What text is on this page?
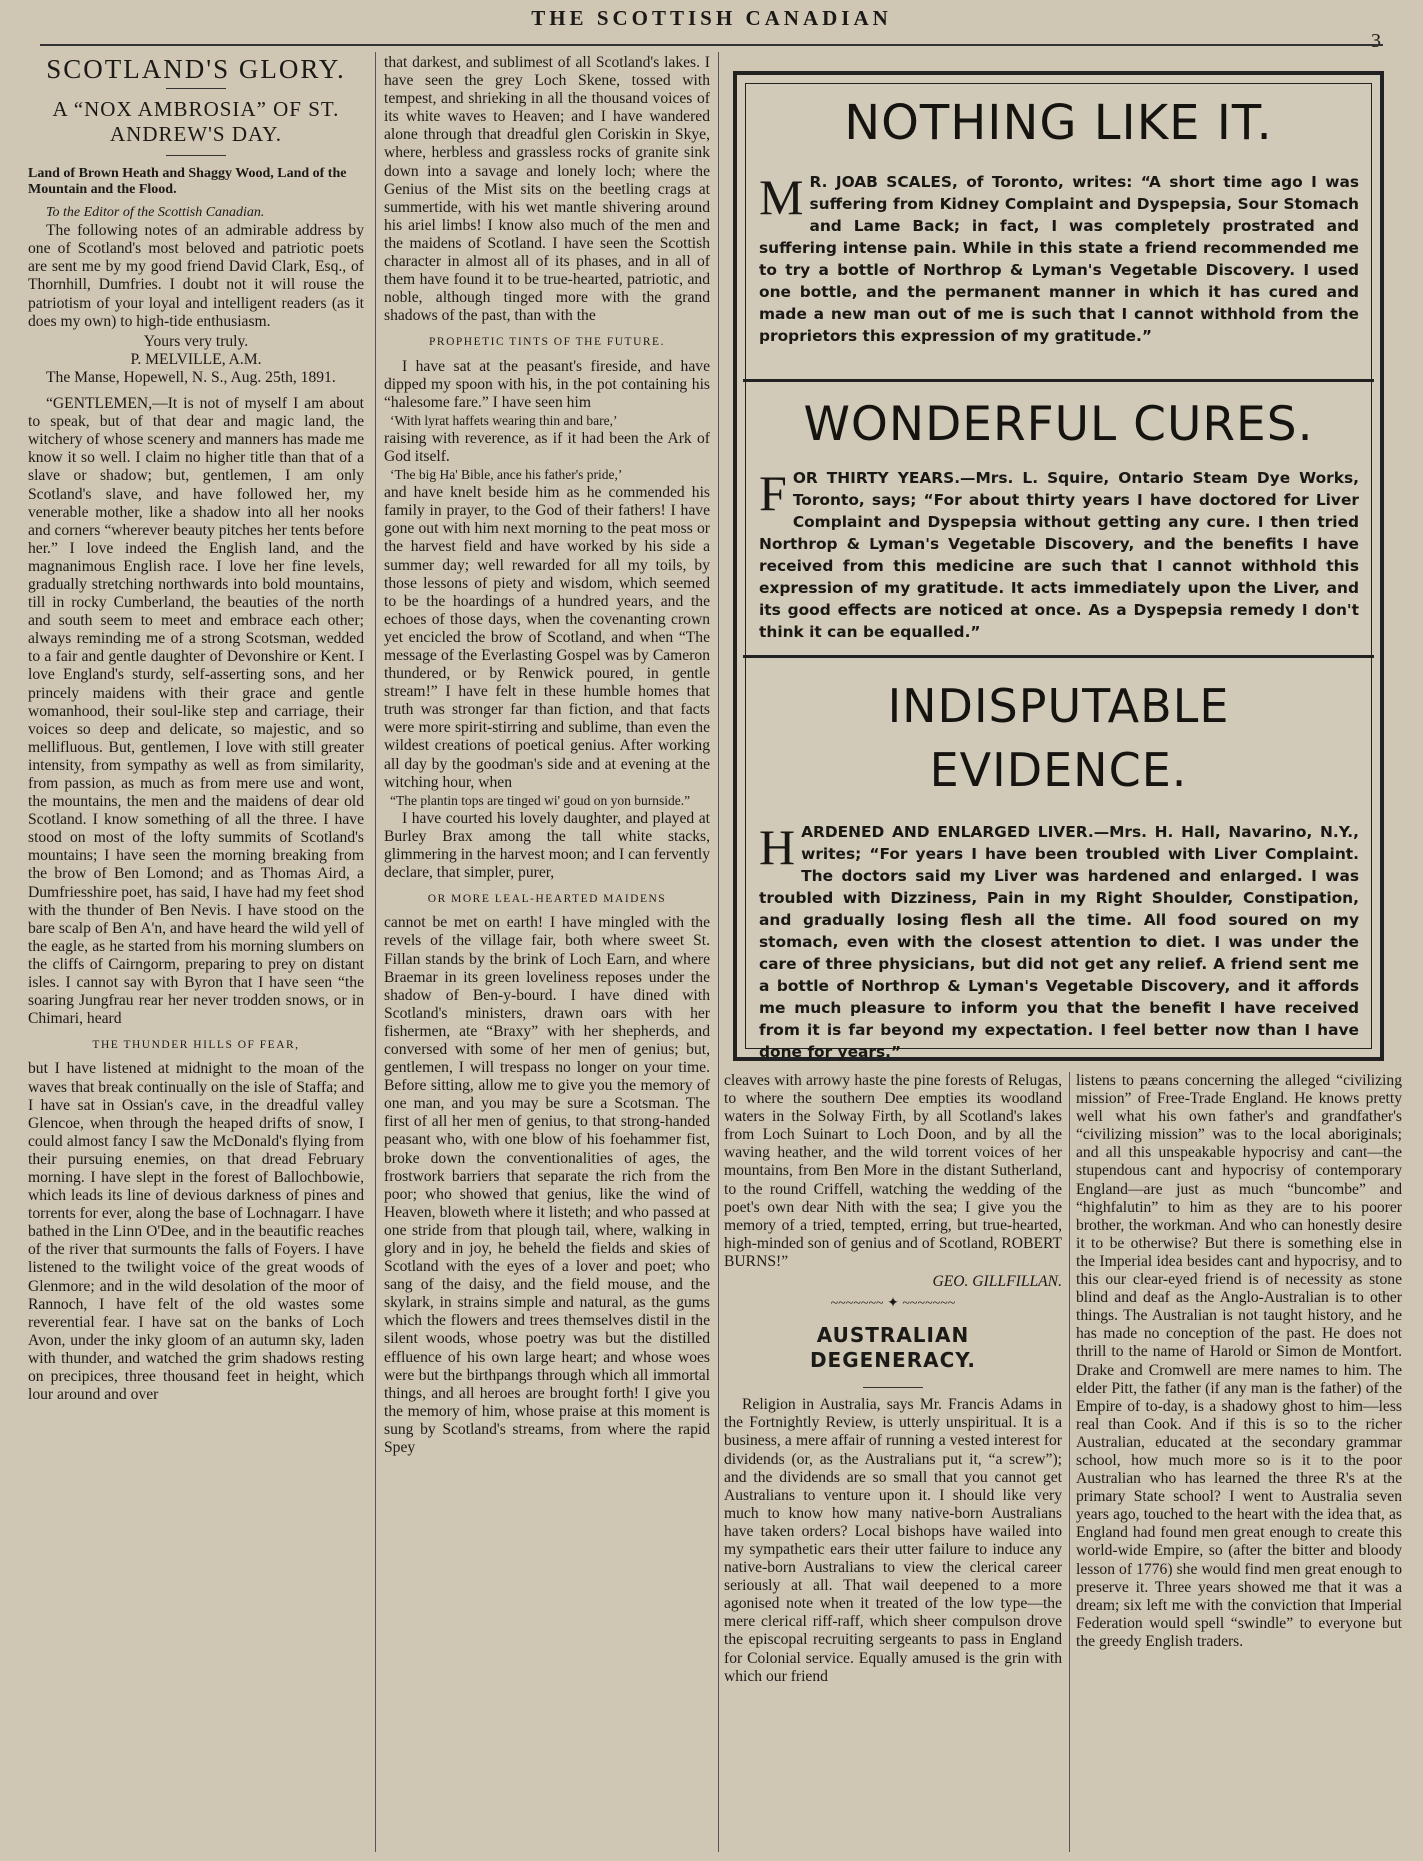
THE SCOTTISH CANADIAN
3
SCOTLAND'S GLORY.
A “NOX AMBROSIA” OF ST. ANDREW'S DAY.
Land of Brown Heath and Shaggy Wood, Land of the Mountain and the Flood.

To the Editor of the Scottish Canadian.

The following notes of an admirable address by one of Scotland's most beloved and patriotic poets are sent me by my good friend David Clark, Esq., of Thornhill, Dumfries. I doubt not it will rouse the patriotism of your loyal and intelligent readers (as it does my own) to high-tide enthusiasm.

Yours very truly.
P. MELVILLE, A.M.

The Manse, Hopewell, N. S., Aug. 25th, 1891.

“GENTLEMEN,—It is not of myself I am about to speak, but of that dear and magic land, the witchery of whose scenery and manners has made me know it so well. I claim no higher title than that of a slave or shadow; but, gentlemen, I am only Scotland's slave, and have followed her, my venerable mother, like a shadow into all her nooks and corners “wherever beauty pitches her tents before her.” I love indeed the English land, and the magnanimous English race. I love her fine levels, gradually stretching northwards into bold mountains, till in rocky Cumberland, the beauties of the north and south seem to meet and embrace each other; always reminding me of a strong Scotsman, wedded to a fair and gentle daughter of Devonshire or Kent. I love England's sturdy, self-asserting sons, and her princely maidens with their grace and gentle womanhood, their soul-like step and carriage, their voices so deep and delicate, so majestic, and so mellifluous. But, gentlemen, I love with still greater intensity, from sympathy as well as from similarity, from passion, as much as from mere use and wont, the mountains, the men and the maidens of dear old Scotland. I know something of all the three. I have stood on most of the lofty summits of Scotland's mountains; I have seen the morning breaking from the brow of Ben Lomond; and as Thomas Aird, a Dumfriesshire poet, has said, I have had my feet shod with the thunder of Ben Nevis. I have stood on the bare scalp of Ben A'n, and have heard the wild yell of the eagle, as he started from his morning slumbers on the cliffs of Cairngorm, preparing to prey on distant isles. I cannot say with Byron that I have seen “the soaring Jungfrau rear her never trodden snows, or in Chimari, heard

THE THUNDER HILLS OF FEAR,

but I have listened at midnight to the moan of the waves that break continually on the isle of Staffa; and I have sat in Ossian's cave, in the dreadful valley Glencoe, when through the heaped drifts of snow, I could almost fancy I saw the McDonald's flying from their pursuing enemies, on that dread February morning. I have slept in the forest of Ballochbowie, which leads its line of devious darkness of pines and torrents for ever, along the base of Lochnagarr. I have bathed in the Linn O'Dee, and in the beautific reaches of the river that surmounts the falls of Foyers. I have listened to the twilight voice of the great woods of Glenmore; and in the wild desolation of the moor of Rannoch, I have felt of the old wastes some reverential fear. I have sat on the banks of Loch Avon, under the inky gloom of an autumn sky, laden with thunder, and watched the grim shadows resting on precipices, three thousand feet in height, which lour around and over

that darkest, and sublimest of all Scotland's lakes. I have seen the grey Loch Skene, tossed with tempest, and shrieking in all the thousand voices of its white waves to Heaven; and I have wandered alone through that dreadful glen Coriskin in Skye, where, herbless and grassless rocks of granite sink down into a savage and lonely loch; where the Genius of the Mist sits on the beetling crags at summertide, with his wet mantle shivering around his ariel limbs! I know also much of the men and the maidens of Scotland. I have seen the Scottish character in almost all of its phases, and in all of them have found it to be true-hearted, patriotic, and noble, although tinged more with the grand shadows of the past, than with the

PROPHETIC TINTS OF THE FUTURE.

I have sat at the peasant's fireside, and have dipped my spoon with his, in the pot containing his “halesome fare.” I have seen him

‘With lyrat haffets wearing thin and bare,’

raising with reverence, as if it had been the Ark of God itself.

‘The big Ha' Bible, ance his father's pride,’

and have knelt beside him as he commended his family in prayer, to the God of their fathers! I have gone out with him next morning to the peat moss or the harvest field and have worked by his side a summer day; well rewarded for all my toils, by those lessons of piety and wisdom, which seemed to be the hoardings of a hundred years, and the echoes of those days, when the covenanting crown yet encicled the brow of Scotland, and when “The message of the Everlasting Gospel was by Cameron thundered, or by Renwick poured, in gentle stream!” I have felt in these humble homes that truth was stronger far than fiction, and that facts were more spirit-stirring and sublime, than even the wildest creations of poetical genius. After working all day by the goodman's side and at evening at the witching hour, when

“The plantin tops are tinged wi' goud on yon burnside.”

I have courted his lovely daughter, and played at Burley Brax among the tall white stacks, glimmering in the harvest moon; and I can fervently declare, that simpler, purer,

OR MORE LEAL-HEARTED MAIDENS

cannot be met on earth! I have mingled with the revels of the village fair, both where sweet St. Fillan stands by the brink of Loch Earn, and where Braemar in its green loveliness reposes under the shadow of Ben-y-bourd. I have dined with Scotland's ministers, drawn oars with her fishermen, ate “Braxy” with her shepherds, and conversed with some of her men of genius; but, gentlemen, I will trespass no longer on your time. Before sitting, allow me to give you the memory of one man, and you may be sure a Scotsman. The first of all her men of genius, to that strong-handed peasant who, with one blow of his foehammer fist, broke down the conventionalities of ages, the frostwork barriers that separate the rich from the poor; who showed that genius, like the wind of Heaven, bloweth where it listeth; and who passed at one stride from that plough tail, where, walking in glory and in joy, he beheld the fields and skies of Scotland with the eyes of a lover and poet; who sang of the daisy, and the field mouse, and the skylark, in strains simple and natural, as the gums which the flowers and trees themselves distil in the silent woods, whose poetry was but the distilled effluence of his own large heart; and whose woes were but the birthpangs through which all immortal things, and all heroes are brought forth! I give you the memory of him, whose praise at this moment is sung by Scotland's streams, from where the rapid Spey

NOTHING LIKE IT.
M R. JOAB SCALES, of Toronto, writes: “A short time ago I was suffering from Kidney Complaint and Dyspepsia, Sour Stomach and Lame Back; in fact, I was completely prostrated and suffering intense pain. While in this state a friend recommended me to try a bottle of Northrop & Lyman's Vegetable Discovery. I used one bottle, and the permanent manner in which it has cured and made a new man out of me is such that I cannot withhold from the proprietors this expression of my gratitude.”
WONDERFUL CURES.
FOR THIRTY YEARS.—Mrs. L. Squire, Ontario Steam Dye Works, Toronto, says; “For about thirty years I have doctored for Liver Complaint and Dyspepsia without getting any cure. I then tried Northrop & Lyman's Vegetable Discovery, and the benefits I have received from this medicine are such that I cannot withhold this expression of my gratitude. It acts immediately upon the Liver, and its good effects are noticed at once. As a Dyspepsia remedy I don't think it can be equalled.”
INDISPUTABLE
EVIDENCE.
HARDENED AND ENLARGED LIVER.—Mrs. H. Hall, Navarino, N.Y., writes; “For years I have been troubled with Liver Complaint. The doctors said my Liver was hardened and enlarged. I was troubled with Dizziness, Pain in my Right Shoulder, Constipation, and gradually losing flesh all the time. All food soured on my stomach, even with the closest attention to diet. I was under the care of three physicians, but did not get any relief. A friend sent me a bottle of Northrop & Lyman's Vegetable Discovery, and it affords me much pleasure to inform you that the benefit I have received from it is far beyond my expectation. I feel better now than I have done for years.”

cleaves with arrowy haste the pine forests of Relugas, to where the southern Dee empties its woodland waters in the Solway Firth, by all Scotland's lakes from Loch Suinart to Loch Doon, and by all the waving heather, and the wild torrent voices of her mountains, from Ben More in the distant Sutherland, to the round Criffell, watching the wedding of the poet's own dear Nith with the sea; I give you the memory of a tried, tempted, erring, but true-hearted, high-minded son of genius and of Scotland, ROBERT BURNS!”

GEO. GILLFILLAN.
~~~~~~~ ✦ ~~~~~~~
AUSTRALIAN DEGENERACY.

Religion in Australia, says Mr. Francis Adams in the Fortnightly Review, is utterly unspiritual. It is a business, a mere affair of running a vested interest for dividends (or, as the Australians put it, “a screw”); and the dividends are so small that you cannot get Australians to venture upon it. I should like very much to know how many native-born Australians have taken orders? Local bishops have wailed into my sympathetic ears their utter failure to induce any native-born Australians to view the clerical career seriously at all. That wail deepened to a more agonised note when it treated of the low type—the mere clerical riff-raff, which sheer compulson drove the episcopal recruiting sergeants to pass in England for Colonial service. Equally amused is the grin with which our friend

listens to pæans concerning the alleged “civilizing mission” of Free-Trade England. He knows pretty well what his own father's and grandfather's “civilizing mission” was to the local aboriginals; and all this unspeakable hypocrisy and cant—the stupendous cant and hypocrisy of contemporary England—are just as much “buncombe” and “highfalutin” to him as they are to his poorer brother, the workman. And who can honestly desire it to be otherwise? But there is something else in the Imperial idea besides cant and hypocrisy, and to this our clear-eyed friend is of necessity as stone blind and deaf as the Anglo-Australian is to other things. The Australian is not taught history, and he has made no conception of the past. He does not thrill to the name of Harold or Simon de Montfort. Drake and Cromwell are mere names to him. The elder Pitt, the father (if any man is the father) of the Empire of to-day, is a shadowy ghost to him—less real than Cook. And if this is so to the richer Australian, educated at the secondary grammar school, how much more so is it to the poor Australian who has learned the three R's at the primary State school? I went to Australia seven years ago, touched to the heart with the idea that, as England had found men great enough to create this world-wide Empire, so (after the bitter and bloody lesson of 1776) she would find men great enough to preserve it. Three years showed me that it was a dream; six left me with the conviction that Imperial Federation would spell “swindle” to everyone but the greedy English traders.
